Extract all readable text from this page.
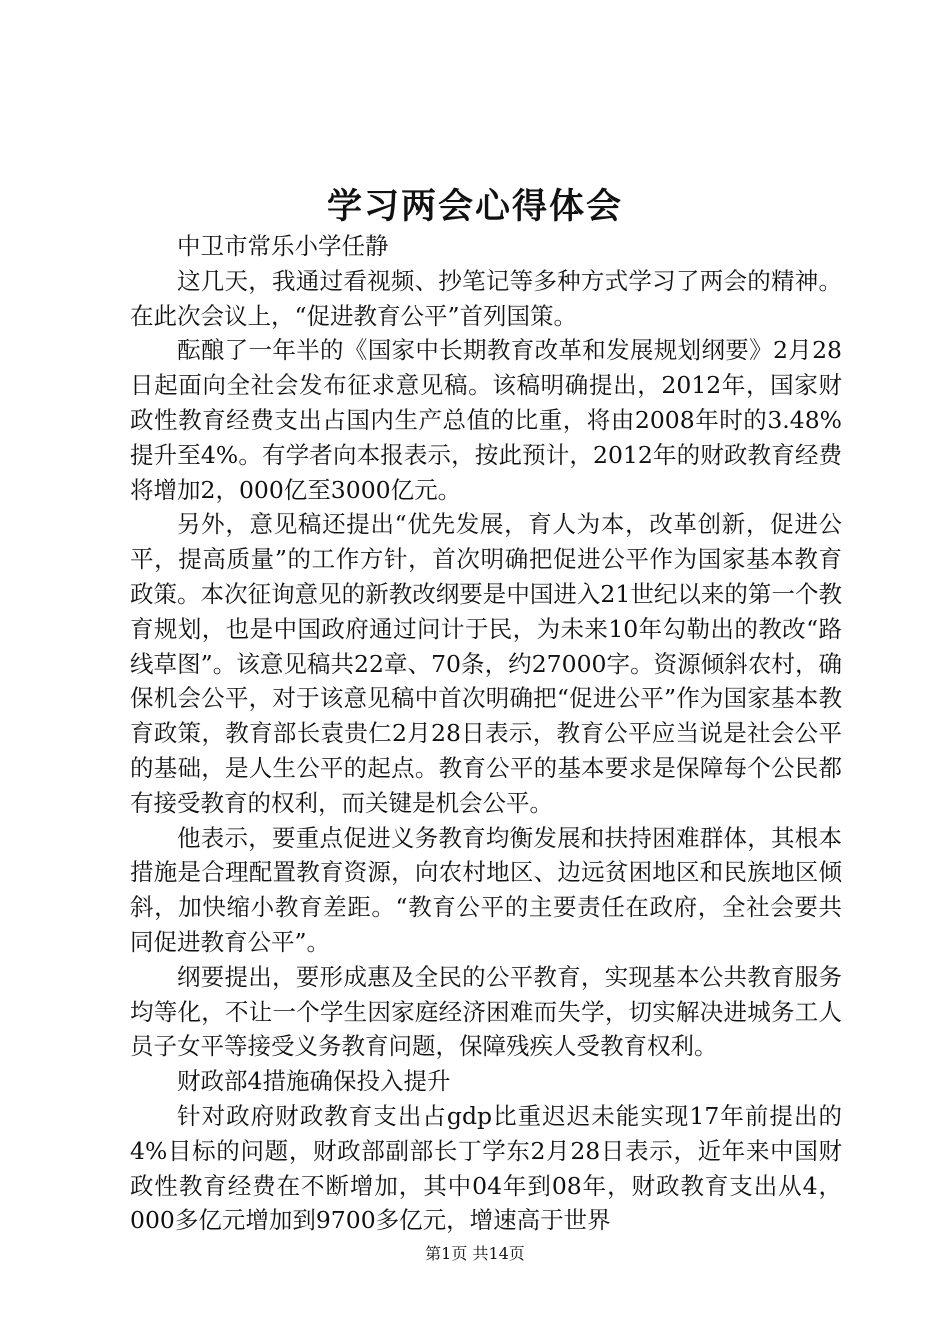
学习两会心得体会

中卫市常乐小学任静

这几天，我通过看视频、抄笔记等多种方式学习了两会的精神。在此次会议上，“促进教育公平”首列国策。

酝酿了一年半的《国家中长期教育改革和发展规划纲要》2月28日起面向全社会发布征求意见稿。该稿明确提出，2012年，国家财政性教育经费支出占国内生产总值的比重，将由2008年时的3.48%提升至4%。有学者向本报表示，按此预计，2012年的财政教育经费将增加2，000亿至3000亿元。

另外，意见稿还提出“优先发展，育人为本，改革创新，促进公平，提高质量”的工作方针，首次明确把促进公平作为国家基本教育政策。本次征询意见的新教改纲要是中国进入21世纪以来的第一个教育规划，也是中国政府通过问计于民，为未来10年勾勒出的教改“路线草图”。该意见稿共22章、70条，约27000字。资源倾斜农村，确保机会公平，对于该意见稿中首次明确把“促进公平”作为国家基本教育政策，教育部长袁贵仁2月28日表示，教育公平应当说是社会公平的基础，是人生公平的起点。教育公平的基本要求是保障每个公民都有接受教育的权利，而关键是机会公平。

他表示，要重点促进义务教育均衡发展和扶持困难群体，其根本措施是合理配置教育资源，向农村地区、边远贫困地区和民族地区倾斜，加快缩小教育差距。“教育公平的主要责任在政府，全社会要共同促进教育公平”。

纲要提出，要形成惠及全民的公平教育，实现基本公共教育服务均等化，不让一个学生因家庭经济困难而失学，切实解决进城务工人员子女平等接受义务教育问题，保障残疾人受教育权利。

财政部4措施确保投入提升

针对政府财政教育支出占gdp比重迟迟未能实现17年前提出的4%目标的问题，财政部副部长丁学东2月28日表示，近年来中国财政性教育经费在不断增加，其中04年到08年，财政教育支出从4，000多亿元增加到9700多亿元，增速高于世界

第1页 共14页
